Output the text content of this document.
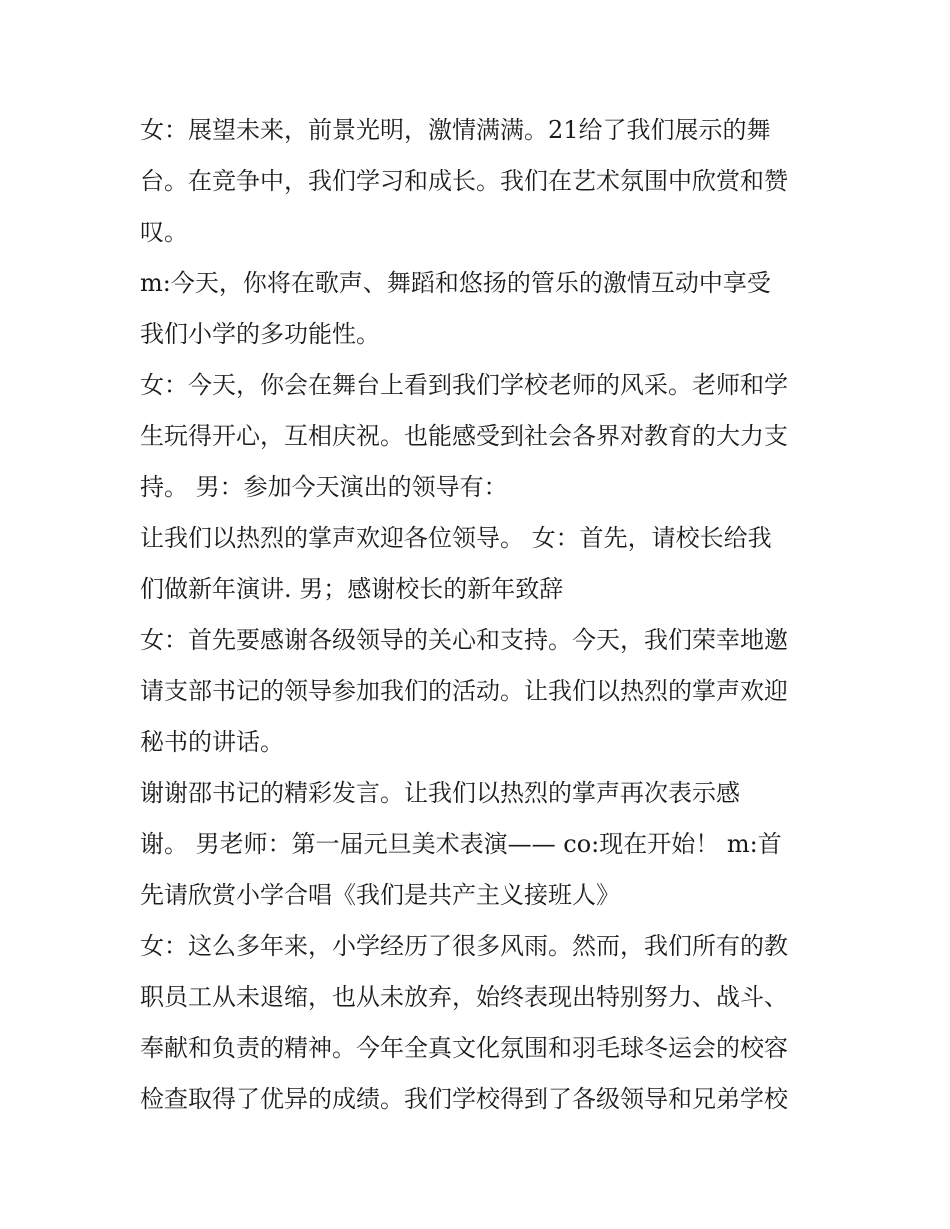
女：展望未来，前景光明，激情满满。21给了我们展示的舞
台。在竞争中，我们学习和成长。我们在艺术氛围中欣赏和赞
叹。
m:今天，你将在歌声、舞蹈和悠扬的管乐的激情互动中享受
我们小学的多功能性。
女：今天，你会在舞台上看到我们学校老师的风采。老师和学
生玩得开心，互相庆祝。也能感受到社会各界对教育的大力支
持。 男：参加今天演出的领导有：
让我们以热烈的掌声欢迎各位领导。 女：首先，请校长给我
们做新年演讲. 男；感谢校长的新年致辞
女：首先要感谢各级领导的关心和支持。今天，我们荣幸地邀
请支部书记的领导参加我们的活动。让我们以热烈的掌声欢迎
秘书的讲话。
谢谢邵书记的精彩发言。让我们以热烈的掌声再次表示感
谢。 男老师：第一届元旦美术表演—— co:现在开始！ m:首
先请欣赏小学合唱《我们是共产主义接班人》
女：这么多年来，小学经历了很多风雨。然而，我们所有的教
职员工从未退缩，也从未放弃，始终表现出特别努力、战斗、
奉献和负责的精神。今年全真文化氛围和羽毛球冬运会的校容
检查取得了优异的成绩。我们学校得到了各级领导和兄弟学校
